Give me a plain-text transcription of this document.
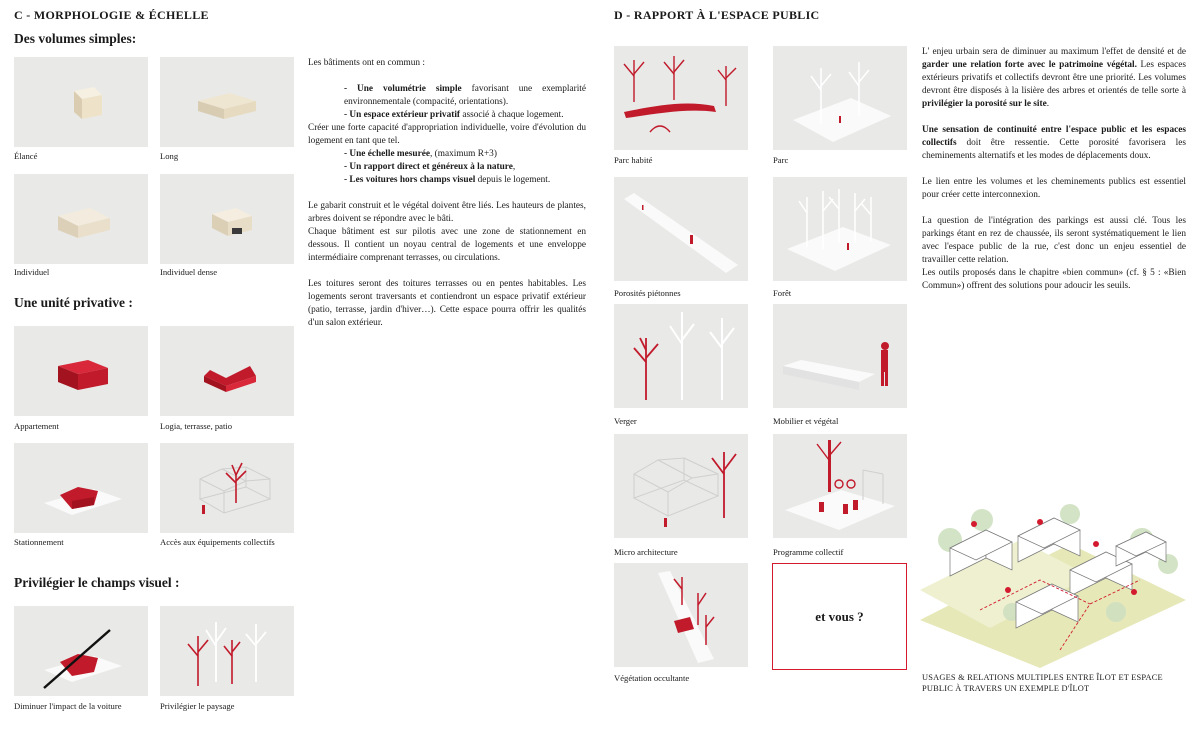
C - MORPHOLOGIE & ÉCHELLE
Des volumes simples:
Élancé	Long
Individuel	Individuel dense
Une unité privative :
Appartement	Logia, terrasse, patio
Stationnement	Accès aux équipements collectifs
Privilégier le champs visuel :
Diminuer l'impact de la voiture	Privilégier le paysage

Les bâtiments ont en commun :

- Une volumétrie simple favorisant une exemplarité environnementale (compacité, orientations).

- Un espace extérieur privatif associé à chaque logement.

Créer une forte capacité d'appropriation individuelle, voire d'évolution du logement en tant que tel.

- Une échelle mesurée, (maximum R+3)

- Un rapport direct et généreux à la nature,

- Les voitures hors champs visuel depuis le logement.

Le gabarit construit et le végétal doivent être liés. Les hauteurs de plantes, arbres doivent se répondre avec le bâti.

Chaque bâtiment est sur pilotis avec une zone de stationnement en dessous. Il contient un noyau central de logements et une enveloppe intermédiaire comprenant terrasses, ou circulations.

Les toitures seront des toitures terrasses ou en pentes habitables. Les logements seront traversants et contiendront un espace privatif extérieur (patio, terrasse, jardin d'hiver…). Cette espace pourra offrir les qualités d'un salon extérieur.

D - RAPPORT À L'ESPACE PUBLIC
Parc habité	Parc
Porosités piétonnes	Forêt
Verger	Mobilier et végétal
Micro architecture	Programme collectif
Végétation occultante
et vous ?

L' enjeu urbain sera de diminuer au maximum l'effet de densité et de garder une relation forte avec le patrimoine végétal. Les espaces extérieurs privatifs et collectifs devront être une priorité. Les volumes devront être disposés à la lisière des arbres et orientés de telle sorte à privilégier la porosité sur le site.

Une sensation de continuité entre l'espace public et les espaces collectifs doit être ressentie. Cette porosité favorisera les cheminements alternatifs et les modes de déplacements doux.

Le lien entre les volumes et les cheminements publics est essentiel pour créer cette interconnexion.

La question de l'intégration des parkings est aussi clé. Tous les parkings étant en rez de chaussée, ils seront systématiquement le lien avec l'espace public de la rue, c'est donc un enjeu essentiel de travailler cette relation.

Les outils proposés dans le chapitre «bien commun» (cf. § 5 : «Bien Commun») offrent des solutions pour adoucir les seuils.

USAGES & RELATIONS MULTIPLES ENTRE ÎLOT ET ESPACE PUBLIC À TRAVERS UN EXEMPLE D'ÎLOT
